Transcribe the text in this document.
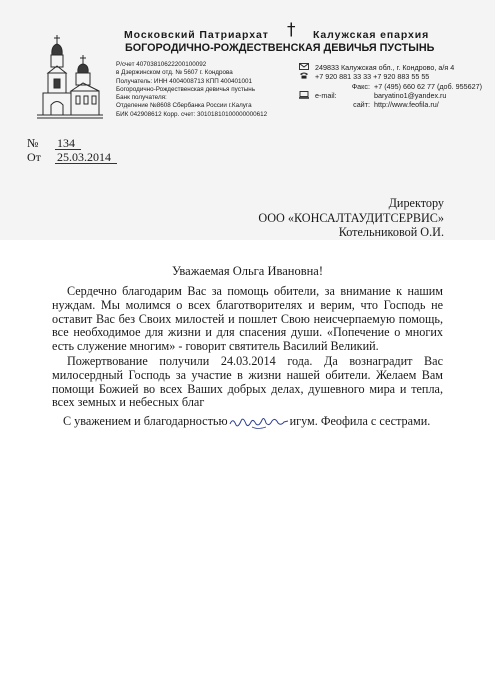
Московский Патриархат † Калужская епархия
БОГОРОДИЧНО-РОЖДЕСТВЕНСКАЯ ДЕВИЧЬЯ ПУСТЫНЬ
Р/счет 40703810622200100092
в Дзержинском отд. № 5607 г. Кондрова
Получатель: ИНН 4004008713 КПП 400401001
Богородично-Рождественская девичья пустынь
Банк получателя:
Отделение №8608 Сбербанка России г.Калуга
БИК 042908612 Корр. счет: 30101810100000000612
249833 Калужская обл., г. Кондрово, а/я 4
+7 920 881 33 33 +7 920 883 55 55
Факс: +7 (495) 660 62 77 (доб. 955627)
e-mail:	baryatino1@yandex.ru
сайт: http://www.feofila.ru/
№ 134
От 25.03.2014
Директору
ООО «КОНСАЛТАУДИТСЕРВИС»
Котельниковой О.И.
Уважаемая Ольга Ивановна!

Сердечно благодарим Вас за помощь обители, за внимание к нашим нуждам. Мы молимся о всех благотворителях и верим, что Господь не оставит Вас без Своих милостей и пошлет Свою неисчерпаемую помощь, все необходимое для жизни и для спасения души. «Попечение о многих есть служение многим» - говорит святитель Василий Великий.

Пожертвование получили 24.03.2014 года. Да вознаградит Вас милосердный Господь за участие в жизни нашей обители. Желаем Вам помощи Божией во всех Ваших добрых делах, душевного мира и тепла, всех земных и небесных благ

С уважением и благодарностью	игум. Феофила с сестрами.
